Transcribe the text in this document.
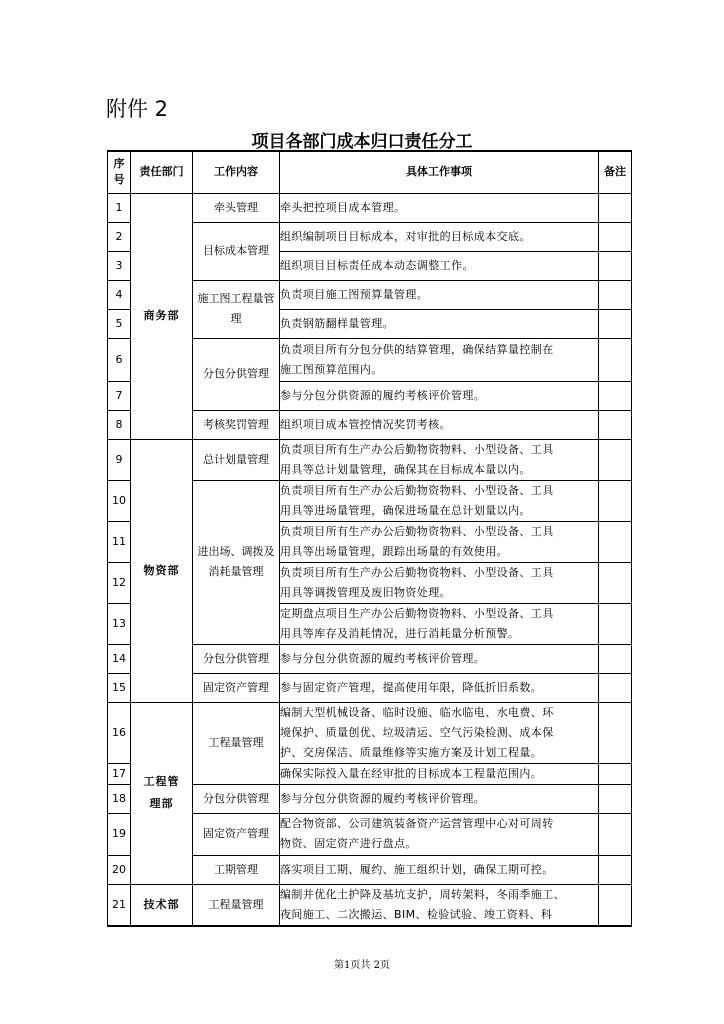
附件 2
项目各部门成本归口责任分工
序号	责任部门	工作内容	具体工作事项	备注
1	商务部	牵头管理	牵头把控项目成本管理。	
2		目标成本管理	组织编制项目目标成本，对审批的目标成本交底。	
3			组织项目目标责任成本动态调整工作。	
4		施工图工程量管理	负责项目施工图预算量管理。	
5			负责钢筋翻样量管理。	
6		分包分供管理	负责项目所有分包分供的结算管理，确保结算量控制在
施工图预算范围内。	
7			参与分包分供资源的履约考核评价管理。	
8		考核奖罚管理	组织项目成本管控情况奖罚考核。	
9	物资部	总计划量管理	负责项目所有生产办公后勤物资物料、小型设备、工具
用具等总计划量管理，确保其在目标成本量以内。	
10		进出场、调拨及消耗量管理	负责项目所有生产办公后勤物资物料、小型设备、工具
用具等进场量管理，确保进场量在总计划量以内。	
11			负责项目所有生产办公后勤物资物料、小型设备、工具
用具等出场量管理，跟踪出场量的有效使用。	
12			负责项目所有生产办公后勤物资物料、小型设备、工具
用具等调拨管理及废旧物资处理。	
13			定期盘点项目生产办公后勤物资物料、小型设备、工具
用具等库存及消耗情况，进行消耗量分析预警。	
14		分包分供管理	参与分包分供资源的履约考核评价管理。	
15		固定资产管理	参与固定资产管理，提高使用年限，降低折旧系数。	
16	工程管理部	工程量管理	编制大型机械设备、临时设施、临水临电、水电费、环
境保护、质量创优、垃圾清运、空气污染检测、成本保
护、交房保洁、质量维修等实施方案及计划工程量。	
17			确保实际投入量在经审批的目标成本工程量范围内。	
18		分包分供管理	参与分包分供资源的履约考核评价管理。	
19		固定资产管理	配合物资部、公司建筑装备资产运营管理中心对可周转
物资、固定资产进行盘点。	
20		工期管理	落实项目工期、履约、施工组织计划，确保工期可控。	
21	技术部	工程量管理	编制并优化土护降及基坑支护，周转架料，冬雨季施工、
夜间施工、二次搬运、BIM、检验试验、竣工资料、科	
第1页共 2页
